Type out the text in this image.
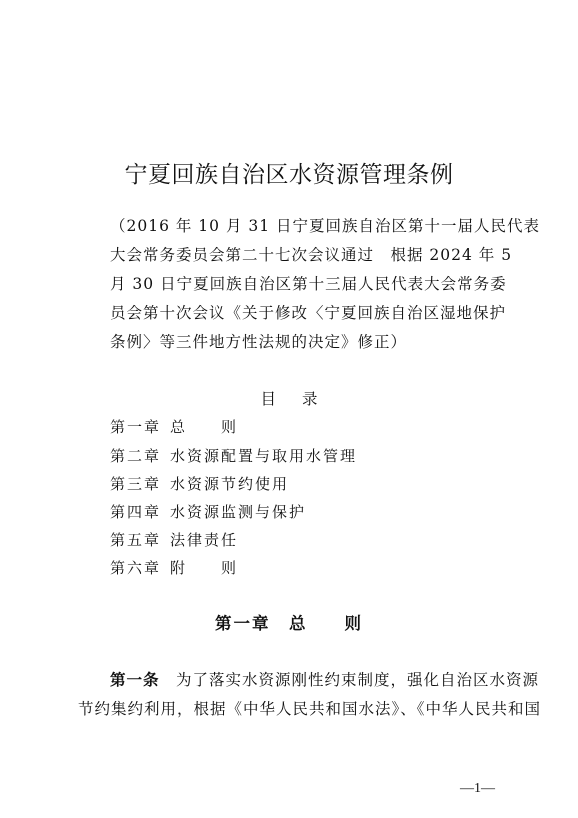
宁夏回族自治区水资源管理条例
（2016 年 10 月 31 日宁夏回族自治区第十一届人民代表
大会常务委员会第二十七次会议通过　根据 2024 年 5
月 30 日宁夏回族自治区第十三届人民代表大会常务委
员会第十次会议《关于修改〈宁夏回族自治区湿地保护
条例〉等三件地方性法规的决定》修正）
目录
第一章 总　　则
第二章 水资源配置与取用水管理
第三章 水资源节约使用
第四章 水资源监测与保护
第五章 法律责任
第六章 附　　则
第一章　总　　则
第一条　 为了落实水资源刚性约束制度，强化自治区水资源
节约集约利用，根据《中华人民共和国水法》、《中华人民共和国
—1—
